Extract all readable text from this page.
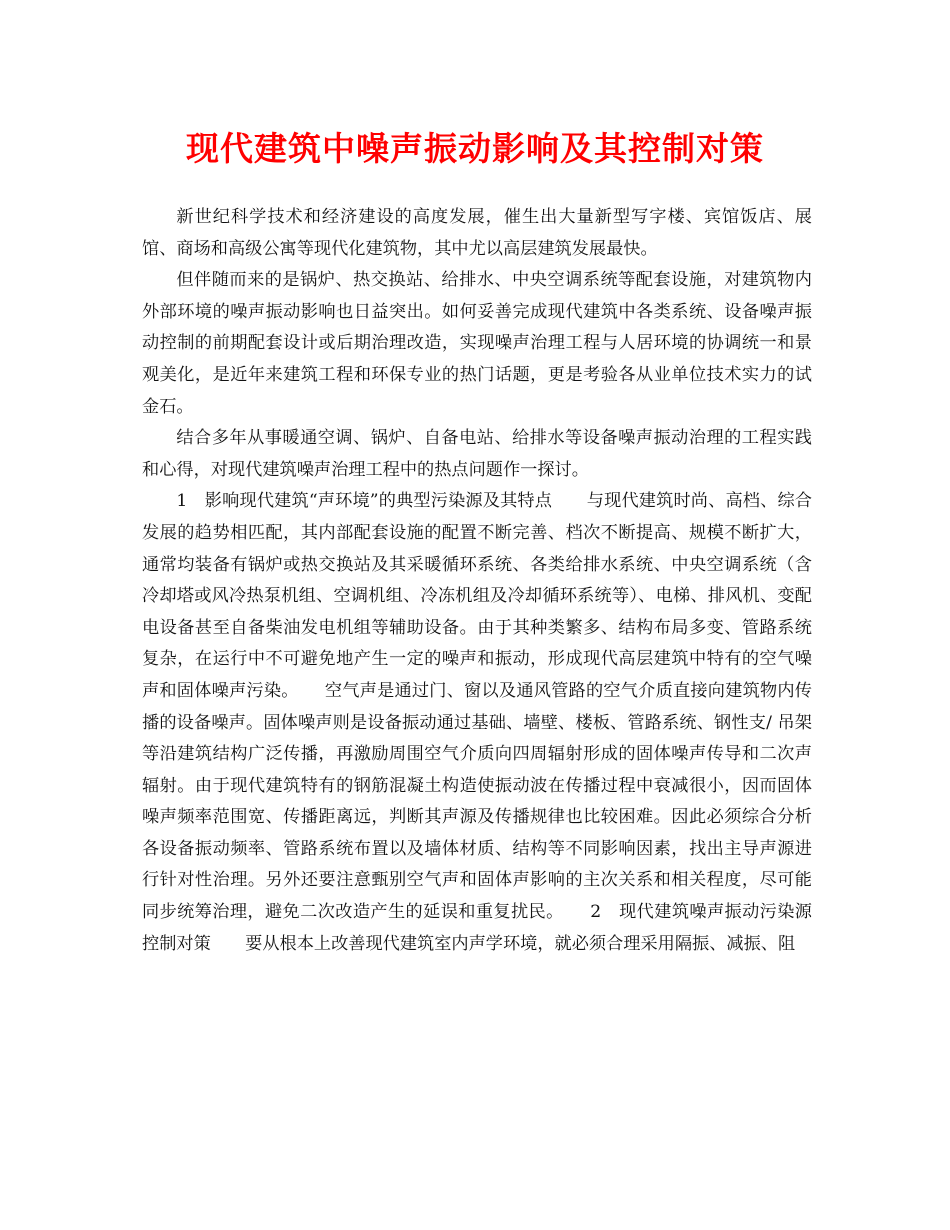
现代建筑中噪声振动影响及其控制对策

新世纪科学技术和经济建设的高度发展，催生出大量新型写字楼、宾馆饭店、展馆、商场和高级公寓等现代化建筑物，其中尤以高层建筑发展最快。

但伴随而来的是锅炉、热交换站、给排水、中央空调系统等配套设施，对建筑物内外部环境的噪声振动影响也日益突出。如何妥善完成现代建筑中各类系统、设备噪声振动控制的前期配套设计或后期治理改造，实现噪声治理工程与人居环境的协调统一和景观美化，是近年来建筑工程和环保专业的热门话题，更是考验各从业单位技术实力的试金石。

结合多年从事暖通空调、锅炉、自备电站、给排水等设备噪声振动治理的工程实践和心得，对现代建筑噪声治理工程中的热点问题作一探讨。

1　影响现代建筑“声环境”的典型污染源及其特点　　与现代建筑时尚、高档、综合发展的趋势相匹配，其内部配套设施的配置不断完善、档次不断提高、规模不断扩大，通常均装备有锅炉或热交换站及其采暖循环系统、各类给排水系统、中央空调系统（含冷却塔或风冷热泵机组、空调机组、冷冻机组及冷却循环系统等）、电梯、排风机、变配电设备甚至自备柴油发电机组等辅助设备。由于其种类繁多、结构布局多变、管路系统复杂，在运行中不可避免地产生一定的噪声和振动，形成现代高层建筑中特有的空气噪声和固体噪声污染。　　空气声是通过门、窗以及通风管路的空气介质直接向建筑物内传播的设备噪声。固体噪声则是设备振动通过基础、墙壁、楼板、管路系统、钢性支/ 吊架等沿建筑结构广泛传播，再激励周围空气介质向四周辐射形成的固体噪声传导和二次声辐射。由于现代建筑特有的钢筋混凝土构造使振动波在传播过程中衰减很小，因而固体噪声频率范围宽、传播距离远，判断其声源及传播规律也比较困难。因此必须综合分析各设备振动频率、管路系统布置以及墙体材质、结构等不同影响因素，找出主导声源进行针对性治理。另外还要注意甄别空气声和固体声影响的主次关系和相关程度，尽可能同步统筹治理，避免二次改造产生的延误和重复扰民。　　2　现代建筑噪声振动污染源控制对策　　要从根本上改善现代建筑室内声学环境，就必须合理采用隔振、减振、阻
